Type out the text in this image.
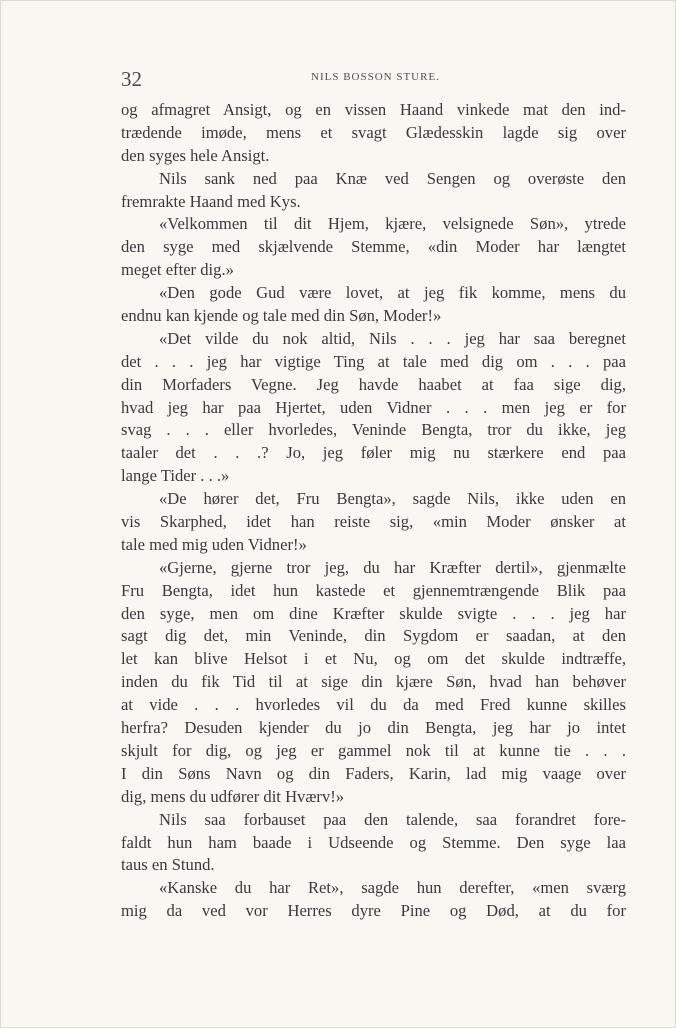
32	NILS BOSSON STURE.
og afmagret Ansigt, og en vissen Haand vinkede mat den ind-
trædende imøde, mens et svagt Glædesskin lagde sig over
den syges hele Ansigt.
Nils sank ned paa Knæ ved Sengen og overøste den
fremrakte Haand med Kys.
«Velkommen til dit Hjem, kjære, velsignede Søn», ytrede
den syge med skjælvende Stemme, «din Moder har længtet
meget efter dig.»
«Den gode Gud være lovet, at jeg fik komme, mens du
endnu kan kjende og tale med din Søn, Moder!»
«Det vilde du nok altid, Nils . . . jeg har saa beregnet
det . . . jeg har vigtige Ting at tale med dig om . . . paa
din Morfaders Vegne. Jeg havde haabet at faa sige dig,
hvad jeg har paa Hjertet, uden Vidner . . . men jeg er for
svag . . . eller hvorledes, Veninde Bengta, tror du ikke, jeg
taaler det . . .? Jo, jeg føler mig nu stærkere end paa
lange Tider . . .»
«De hører det, Fru Bengta», sagde Nils, ikke uden en
vis Skarphed, idet han reiste sig, «min Moder ønsker at
tale med mig uden Vidner!»
«Gjerne, gjerne tror jeg, du har Kræfter dertil», gjenmælte
Fru Bengta, idet hun kastede et gjennemtrængende Blik paa
den syge, men om dine Kræfter skulde svigte . . . jeg har
sagt dig det, min Veninde, din Sygdom er saadan, at den
let kan blive Helsot i et Nu, og om det skulde indtræffe,
inden du fik Tid til at sige din kjære Søn, hvad han behøver
at vide . . . hvorledes vil du da med Fred kunne skilles
herfra? Desuden kjender du jo din Bengta, jeg har jo intet
skjult for dig, og jeg er gammel nok til at kunne tie . . .
I din Søns Navn og din Faders, Karin, lad mig vaage over
dig, mens du udfører dit Hværv!»
Nils saa forbauset paa den talende, saa forandret fore-
faldt hun ham baade i Udseende og Stemme. Den syge laa
taus en Stund.
«Kanske du har Ret», sagde hun derefter, «men sværg
mig da ved vor Herres dyre Pine og Død, at du for
